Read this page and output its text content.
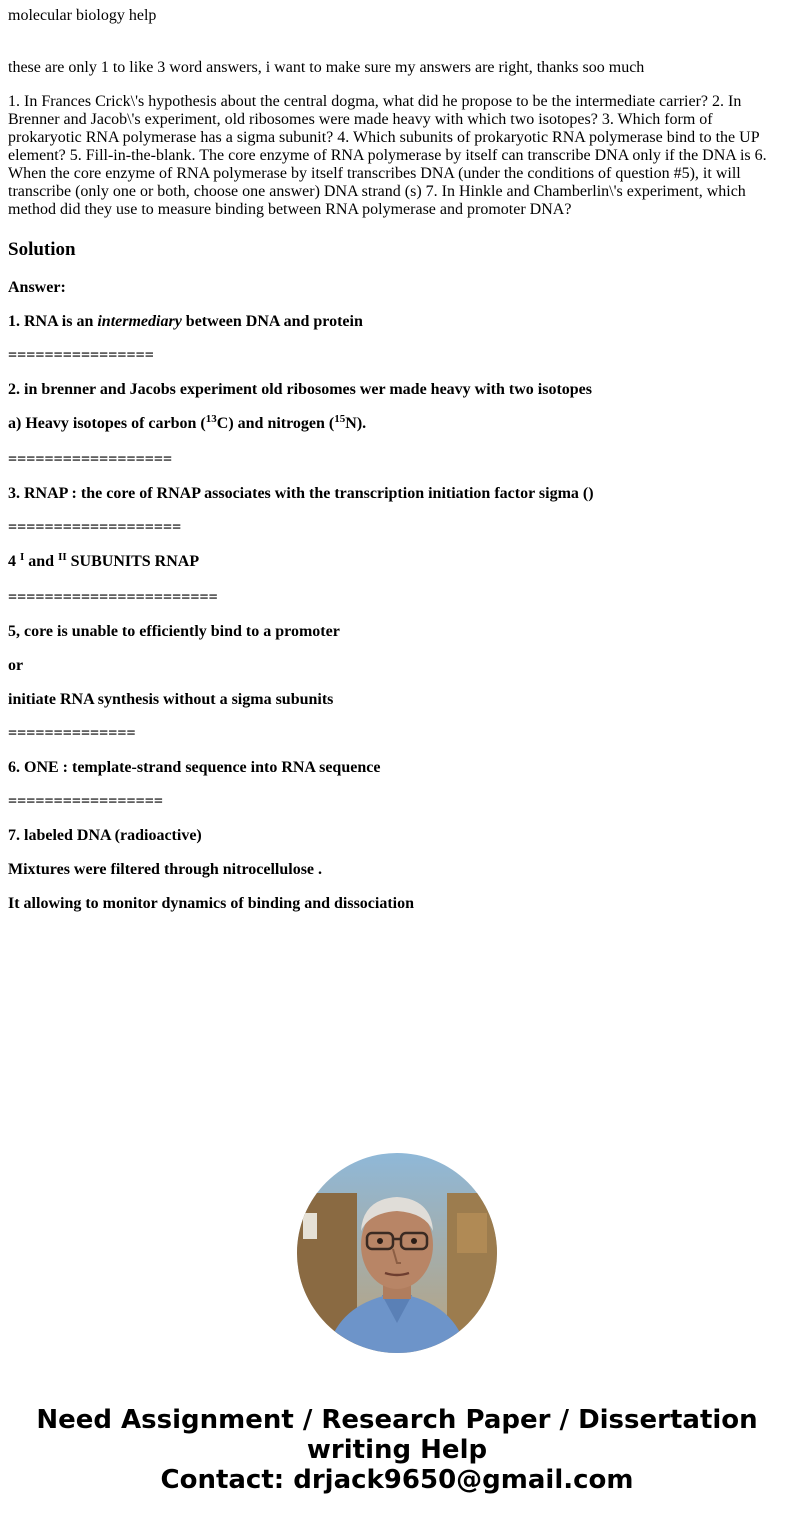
molecular biology help

these are only 1 to like 3 word answers, i want to make sure my answers are right, thanks soo much

1. In Frances Crick\'s hypothesis about the central dogma, what did he propose to be the intermediate carrier? 2. In Brenner and Jacob\'s experiment, old ribosomes were made heavy with which two isotopes? 3. Which form of prokaryotic RNA polymerase has a sigma subunit? 4. Which subunits of prokaryotic RNA polymerase bind to the UP element? 5. Fill-in-the-blank. The core enzyme of RNA polymerase by itself can transcribe DNA only if the DNA is 6. When the core enzyme of RNA polymerase by itself transcribes DNA (under the conditions of question #5), it will transcribe (only one or both, choose one answer) DNA strand (s) 7. In Hinkle and Chamberlin\'s experiment, which method did they use to measure binding between RNA polymerase and promoter DNA?

Solution

Answer:

1. RNA is an intermediary between DNA and protein

================

2. in brenner and Jacobs experiment old ribosomes wer made heavy with two isotopes

a) Heavy isotopes of carbon ($^{13}$C) and nitrogen ($^{15}$N).

==================

3. RNAP : the core of RNAP associates with the transcription initiation factor sigma ()

===================

4 $^I$ and $^{II}$ SUBUNITS RNAP

=======================

5, core is unable to efficiently bind to a promoter

or

initiate RNA synthesis without a sigma subunits

==============

6. ONE : template-strand sequence into RNA sequence

=================

7. labeled DNA (radioactive)

Mixtures were filtered through nitrocellulose .

It allowing to monitor dynamics of binding and dissociation

Need Assignment / Research Paper / Dissertation
writing Help
Contact: drjack9650@gmail.com
